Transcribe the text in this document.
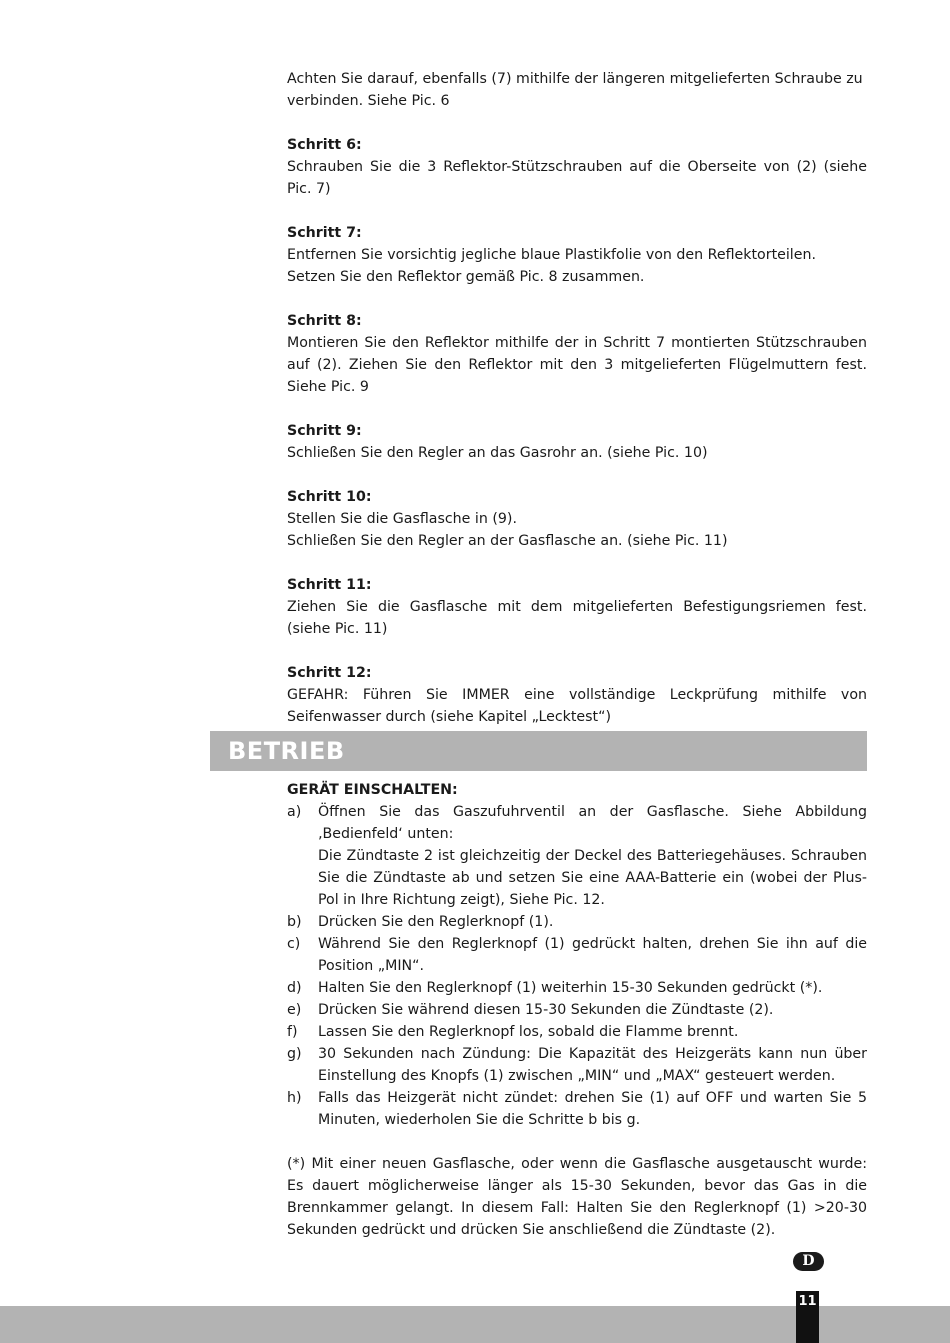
Achten Sie darauf, ebenfalls (7) mithilfe der längeren mitgelieferten Schraube zu
verbinden. Siehe Pic. 6

Schritt 6:
Schrauben Sie die 3 Reflektor-Stützschrauben auf die Oberseite von (2) (siehe Pic. 7)

Schritt 7:
Entfernen Sie vorsichtig jegliche blaue Plastikfolie von den Reflektorteilen.
Setzen Sie den Reflektor gemäß Pic. 8 zusammen.

Schritt 8:
Montieren Sie den Reflektor mithilfe der in Schritt 7 montierten Stützschrauben auf (2). Ziehen Sie den Reflektor mit den 3 mitgelieferten Flügelmuttern fest. Siehe Pic. 9

Schritt 9:
Schließen Sie den Regler an das Gasrohr an. (siehe Pic. 10)

Schritt 10:
Stellen Sie die Gasflasche in (9).
Schließen Sie den Regler an der Gasflasche an. (siehe Pic. 11)

Schritt 11:
Ziehen Sie die Gasflasche mit dem mitgelieferten Befestigungsriemen fest. (siehe Pic. 11)

Schritt 12:
GEFAHR: Führen Sie IMMER eine vollständige Leckprüfung mithilfe von Seifenwasser durch (siehe Kapitel „Lecktest“)

BETRIEB
GERÄT EINSCHALTEN:
a) Öffnen Sie das Gaszufuhrventil an der Gasflasche. Siehe Abbildung ‚Bedienfeld‘ unten:
Die Zündtaste 2 ist gleichzeitig der Deckel des Batteriegehäuses. Schrauben Sie die Zündtaste ab und setzen Sie eine AAA-Batterie ein (wobei der Plus-Pol in Ihre Richtung zeigt), Siehe Pic. 12.
b) Drücken Sie den Reglerknopf (1).
c) Während Sie den Reglerknopf (1) gedrückt halten, drehen Sie ihn auf die Position „MIN“.
d) Halten Sie den Reglerknopf (1) weiterhin 15-30 Sekunden gedrückt (*).
e) Drücken Sie während diesen 15-30 Sekunden die Zündtaste (2).
f) Lassen Sie den Reglerknopf los, sobald die Flamme brennt.
g) 30 Sekunden nach Zündung: Die Kapazität des Heizgeräts kann nun über Einstellung des Knopfs (1) zwischen „MIN“ und „MAX“ gesteuert werden.
h) Falls das Heizgerät nicht zündet: drehen Sie (1) auf OFF und warten Sie 5 Minuten, wiederholen Sie die Schritte b bis g.

(*) Mit einer neuen Gasflasche, oder wenn die Gasflasche ausgetauscht wurde: Es dauert möglicherweise länger als 15-30 Sekunden, bevor das Gas in die Brennkammer gelangt. In diesem Fall: Halten Sie den Reglerknopf (1) >20-30 Sekunden gedrückt und drücken Sie anschließend die Zündtaste (2).

D
11
